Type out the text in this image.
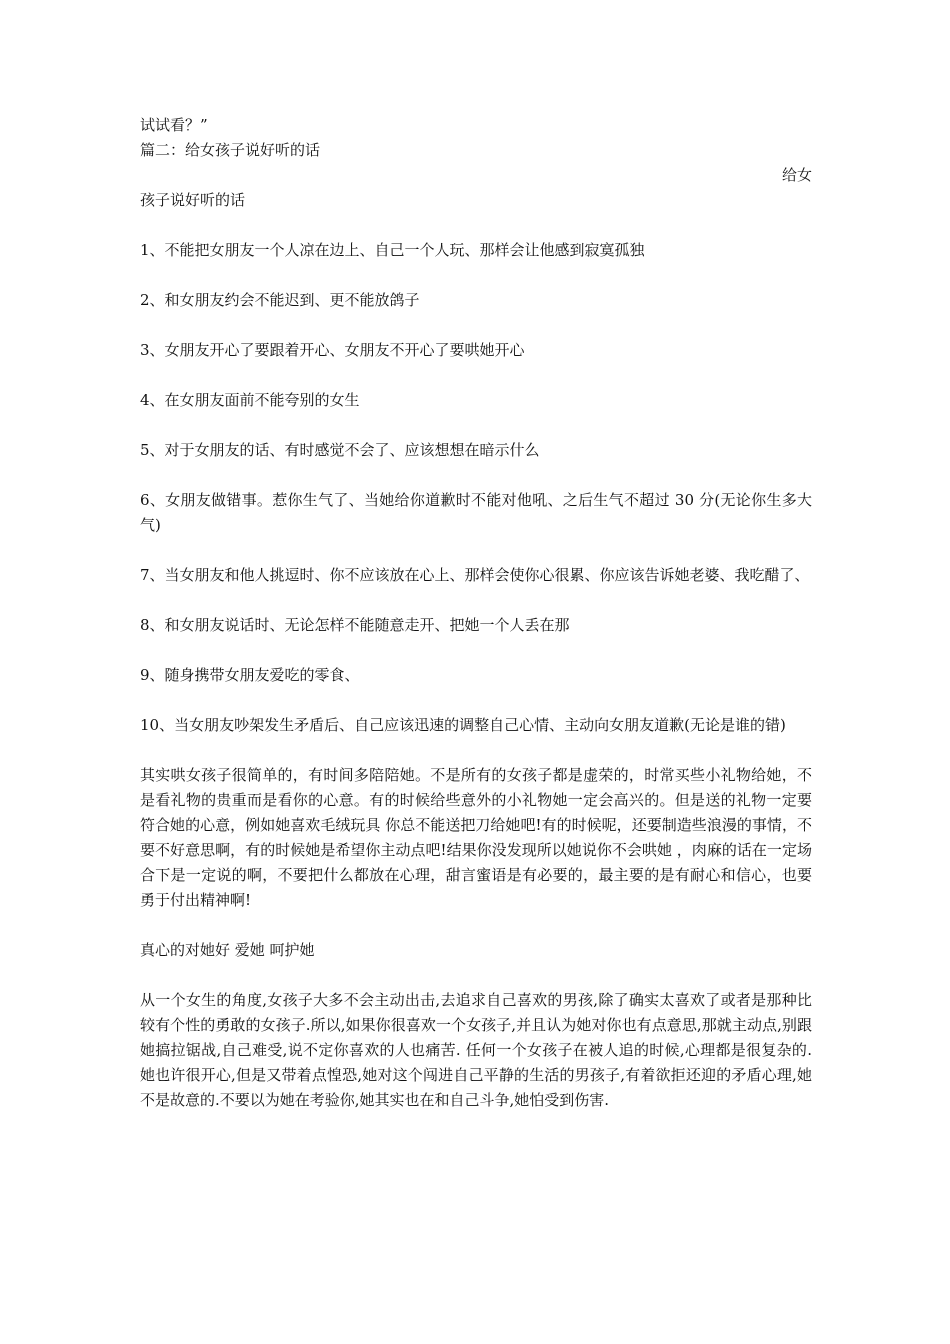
试试看？”
篇二：给女孩子说好听的话
给女
孩子说好听的话
1、不能把女朋友一个人凉在边上、自己一个人玩、那样会让他感到寂寞孤独
2、和女朋友约会不能迟到、更不能放鸽子
3、女朋友开心了要跟着开心、女朋友不开心了要哄她开心
4、在女朋友面前不能夸别的女生
5、对于女朋友的话、有时感觉不会了、应该想想在暗示什么
6、女朋友做错事。惹你生气了、当她给你道歉时不能对他吼、之后生气不超过 30 分(无论你生多大气)
7、当女朋友和他人挑逗时、你不应该放在心上、那样会使你心很累、你应该告诉她老婆、我吃醋了、
8、和女朋友说话时、无论怎样不能随意走开、把她一个人丢在那
9、随身携带女朋友爱吃的零食、
10、当女朋友吵架发生矛盾后、自己应该迅速的调整自己心情、主动向女朋友道歉(无论是谁的错)
其实哄女孩子很简单的，有时间多陪陪她。不是所有的女孩子都是虚荣的，时常买些小礼物给她，不是看礼物的贵重而是看你的心意。有的时候给些意外的小礼物她一定会高兴的。但是送的礼物一定要符合她的心意，例如她喜欢毛绒玩具 你总不能送把刀给她吧!有的时候呢，还要制造些浪漫的事情，不要不好意思啊，有的时候她是希望你主动点吧!结果你没发现所以她说你不会哄她 ，肉麻的话在一定场合下是一定说的啊，不要把什么都放在心理，甜言蜜语是有必要的，最主要的是有耐心和信心，也要勇于付出精神啊!
真心的对她好 爱她 呵护她
从一个女生的角度,女孩子大多不会主动出击,去追求自己喜欢的男孩,除了确实太喜欢了或者是那种比较有个性的勇敢的女孩子.所以,如果你很喜欢一个女孩子,并且认为她对你也有点意思,那就主动点,别跟她搞拉锯战,自己难受,说不定你喜欢的人也痛苦. 任何一个女孩子在被人追的时候,心理都是很复杂的.她也许很开心,但是又带着点惶恐,她对这个闯进自己平静的生活的男孩子,有着欲拒还迎的矛盾心理,她不是故意的.不要以为她在考验你,她其实也在和自己斗争,她怕受到伤害.
